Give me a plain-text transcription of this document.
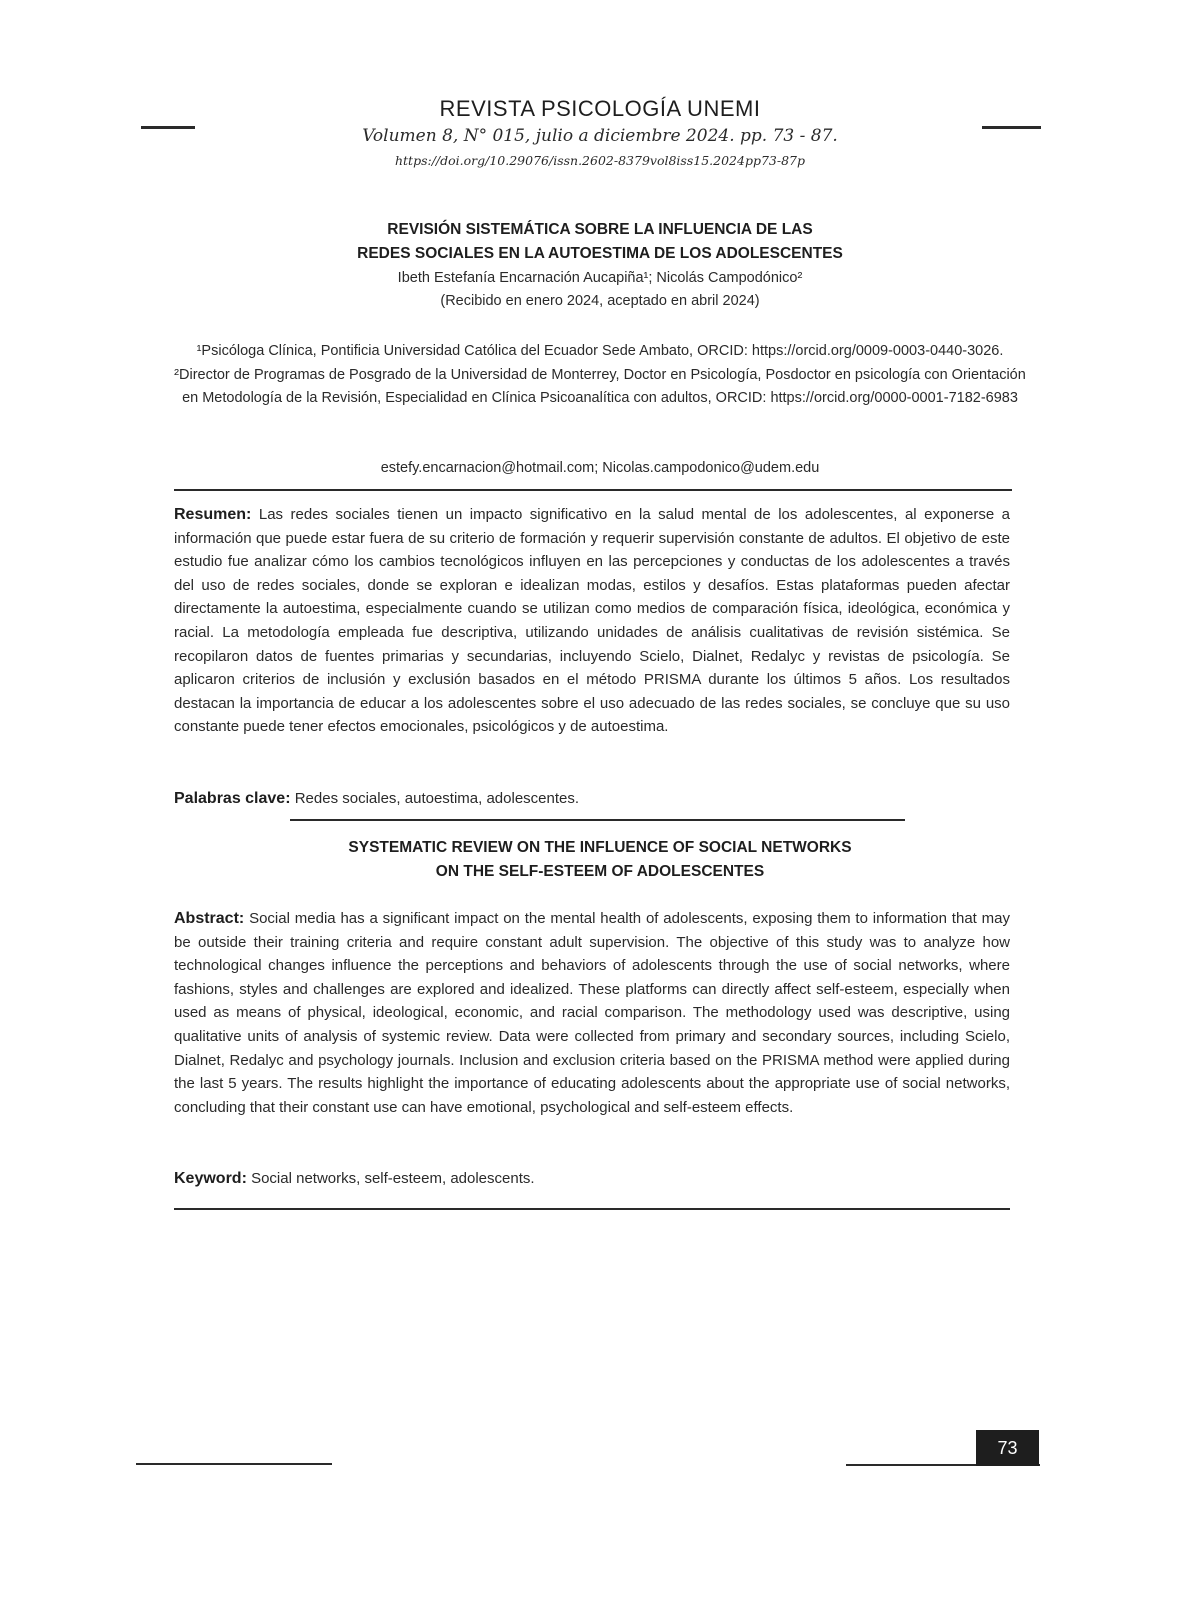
REVISTA PSICOLOGÍA UNEMI
Volumen 8, N° 015, julio a diciembre 2024. pp. 73 - 87.
https://doi.org/10.29076/issn.2602-8379vol8iss15.2024pp73-87p
REVISIÓN SISTEMÁTICA SOBRE LA INFLUENCIA DE LAS
REDES SOCIALES EN LA AUTOESTIMA DE LOS ADOLESCENTES
Ibeth Estefanía Encarnación Aucapiña¹; Nicolás Campodónico²
(Recibido en enero 2024, aceptado en abril 2024)
¹Psicóloga Clínica, Pontificia Universidad Católica del Ecuador Sede Ambato, ORCID: https://orcid.org/0009-0003-0440-3026. ²Director de Programas de Posgrado de la Universidad de Monterrey, Doctor en Psicología, Posdoctor en psicología con Orientación en Metodología de la Revisión, Especialidad en Clínica Psicoanalítica con adultos, ORCID: https://orcid.org/0000-0001-7182-6983
estefy.encarnacion@hotmail.com; Nicolas.campodonico@udem.edu
Resumen: Las redes sociales tienen un impacto significativo en la salud mental de los adolescentes, al exponerse a información que puede estar fuera de su criterio de formación y requerir supervisión constante de adultos. El objetivo de este estudio fue analizar cómo los cambios tecnológicos influyen en las percepciones y conductas de los adolescentes a través del uso de redes sociales, donde se exploran e idealizan modas, estilos y desafíos. Estas plataformas pueden afectar directamente la autoestima, especialmente cuando se utilizan como medios de comparación física, ideológica, económica y racial. La metodología empleada fue descriptiva, utilizando unidades de análisis cualitativas de revisión sistémica. Se recopilaron datos de fuentes primarias y secundarias, incluyendo Scielo, Dialnet, Redalyc y revistas de psicología. Se aplicaron criterios de inclusión y exclusión basados en el método PRISMA durante los últimos 5 años. Los resultados destacan la importancia de educar a los adolescentes sobre el uso adecuado de las redes sociales, se concluye que su uso constante puede tener efectos emocionales, psicológicos y de autoestima.
Palabras clave: Redes sociales, autoestima, adolescentes.
SYSTEMATIC REVIEW ON THE INFLUENCE OF SOCIAL NETWORKS
ON THE SELF-ESTEEM OF ADOLESCENTES
Abstract: Social media has a significant impact on the mental health of adolescents, exposing them to information that may be outside their training criteria and require constant adult supervision. The objective of this study was to analyze how technological changes influence the perceptions and behaviors of adolescents through the use of social networks, where fashions, styles and challenges are explored and idealized. These platforms can directly affect self-esteem, especially when used as means of physical, ideological, economic, and racial comparison. The methodology used was descriptive, using qualitative units of analysis of systemic review. Data were collected from primary and secondary sources, including Scielo, Dialnet, Redalyc and psychology journals. Inclusion and exclusion criteria based on the PRISMA method were applied during the last 5 years. The results highlight the importance of educating adolescents about the appropriate use of social networks, concluding that their constant use can have emotional, psychological and self-esteem effects.
Keyword: Social networks, self-esteem, adolescents.
73
